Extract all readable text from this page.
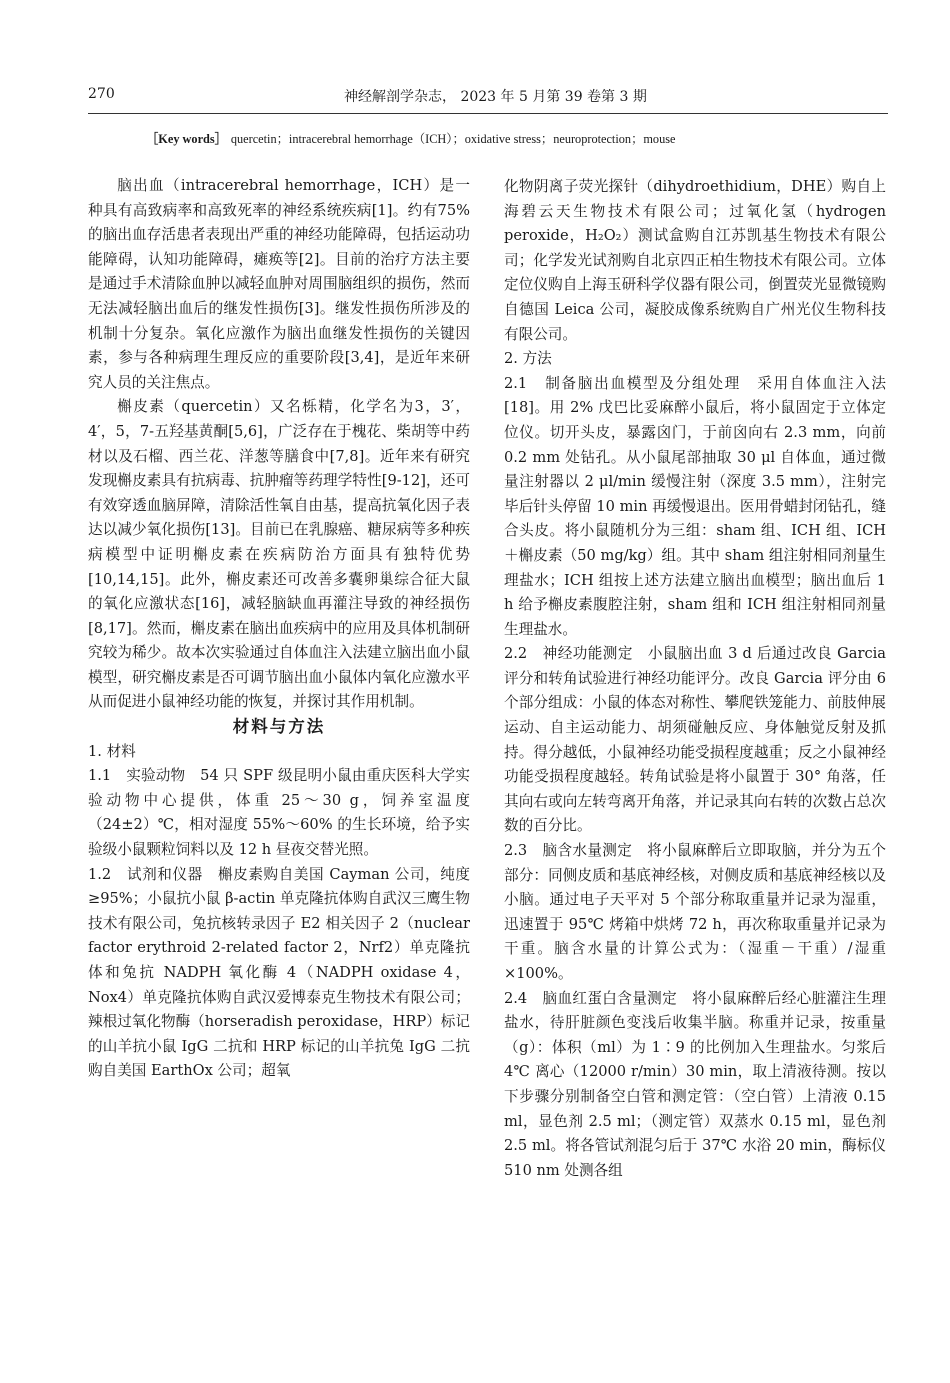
270	神经解剖学杂志， 2023 年 5 月第 39 卷第 3 期
［Key words］ quercetin；intracerebral hemorrhage（ICH）；oxidative stress；neuroprotection；mouse

脑出血（intracerebral hemorrhage，ICH）是一种具有高致病率和高致死率的神经系统疾病[1]。约有75%的脑出血存活患者表现出严重的神经功能障碍，包括运动功能障碍，认知功能障碍，瘫痪等[2]。目前的治疗方法主要是通过手术清除血肿以减轻血肿对周围脑组织的损伤，然而无法减轻脑出血后的继发性损伤[3]。继发性损伤所涉及的机制十分复杂。氧化应激作为脑出血继发性损伤的关键因素，参与各种病理生理反应的重要阶段[3,4]，是近年来研究人员的关注焦点。

槲皮素（quercetin）又名栎精，化学名为3，3′，4′，5，7-五羟基黄酮[5,6]，广泛存在于槐花、柴胡等中药材以及石榴、西兰花、洋葱等膳食中[7,8]。近年来有研究发现槲皮素具有抗病毒、抗肿瘤等药理学特性[9-12]，还可有效穿透血脑屏障，清除活性氧自由基，提高抗氧化因子表达以减少氧化损伤[13]。目前已在乳腺癌、糖尿病等多种疾病模型中证明槲皮素在疾病防治方面具有独特优势[10,14,15]。此外，槲皮素还可改善多囊卵巢综合征大鼠的氧化应激状态[16]，减轻脑缺血再灌注导致的神经损伤[8,17]。然而，槲皮素在脑出血疾病中的应用及具体机制研究较为稀少。故本次实验通过自体血注入法建立脑出血小鼠模型，研究槲皮素是否可调节脑出血小鼠体内氧化应激水平从而促进小鼠神经功能的恢复，并探讨其作用机制。

材料与方法

1. 材料

1.1　实验动物　54 只 SPF 级昆明小鼠由重庆医科大学实验动物中心提供，体重 25～30 g，饲养室温度（24±2）℃，相对湿度 55%～60% 的生长环境，给予实验级小鼠颗粒饲料以及 12 h 昼夜交替光照。

1.2　试剂和仪器　槲皮素购自美国 Cayman 公司，纯度≥95%；小鼠抗小鼠 β-actin 单克隆抗体购自武汉三鹰生物技术有限公司，兔抗核转录因子 E2 相关因子 2（nuclear factor erythroid 2-related factor 2，Nrf2）单克隆抗体和兔抗 NADPH 氧化酶 4（NADPH oxidase 4，Nox4）单克隆抗体购自武汉爱博泰克生物技术有限公司；辣根过氧化物酶（horseradish peroxidase，HRP）标记的山羊抗小鼠 IgG 二抗和 HRP 标记的山羊抗兔 IgG 二抗购自美国 EarthOx 公司；超氧

化物阴离子荧光探针（dihydroethidium，DHE）购自上海碧云天生物技术有限公司；过氧化氢（hydrogen peroxide，H₂O₂）测试盒购自江苏凯基生物技术有限公司；化学发光试剂购自北京四正柏生物技术有限公司。立体定位仪购自上海玉研科学仪器有限公司，倒置荧光显微镜购自德国 Leica 公司，凝胶成像系统购自广州光仪生物科技有限公司。

2. 方法

2.1　制备脑出血模型及分组处理　采用自体血注入法[18]。用 2% 戊巴比妥麻醉小鼠后，将小鼠固定于立体定位仪。切开头皮，暴露囟门，于前囟向右 2.3 mm，向前 0.2 mm 处钻孔。从小鼠尾部抽取 30 μl 自体血，通过微量注射器以 2 μl/min 缓慢注射（深度 3.5 mm），注射完毕后针头停留 10 min 再缓慢退出。医用骨蜡封闭钻孔，缝合头皮。将小鼠随机分为三组：sham 组、ICH 组、ICH＋槲皮素（50 mg/kg）组。其中 sham 组注射相同剂量生理盐水；ICH 组按上述方法建立脑出血模型；脑出血后 1 h 给予槲皮素腹腔注射，sham 组和 ICH 组注射相同剂量生理盐水。

2.2　神经功能测定　小鼠脑出血 3 d 后通过改良 Garcia 评分和转角试验进行神经功能评分。改良 Garcia 评分由 6 个部分组成：小鼠的体态对称性、攀爬铁笼能力、前肢伸展运动、自主运动能力、胡须碰触反应、身体触觉反射及抓持。得分越低，小鼠神经功能受损程度越重；反之小鼠神经功能受损程度越轻。转角试验是将小鼠置于 30° 角落，任其向右或向左转弯离开角落，并记录其向右转的次数占总次数的百分比。

2.3　脑含水量测定　将小鼠麻醉后立即取脑，并分为五个部分：同侧皮质和基底神经核，对侧皮质和基底神经核以及小脑。通过电子天平对 5 个部分称取重量并记录为湿重，迅速置于 95℃ 烤箱中烘烤 72 h，再次称取重量并记录为干重。脑含水量的计算公式为：（湿重－干重）/湿重×100%。

2.4　脑血红蛋白含量测定　将小鼠麻醉后经心脏灌注生理盐水，待肝脏颜色变浅后收集半脑。称重并记录，按重量（g）：体积（ml）为 1∶9 的比例加入生理盐水。匀浆后 4℃ 离心（12000 r/min）30 min，取上清液待测。按以下步骤分别制备空白管和测定管：（空白管）上清液 0.15 ml，显色剂 2.5 ml；（测定管）双蒸水 0.15 ml，显色剂 2.5 ml。将各管试剂混匀后于 37℃ 水浴 20 min，酶标仪 510 nm 处测各组
